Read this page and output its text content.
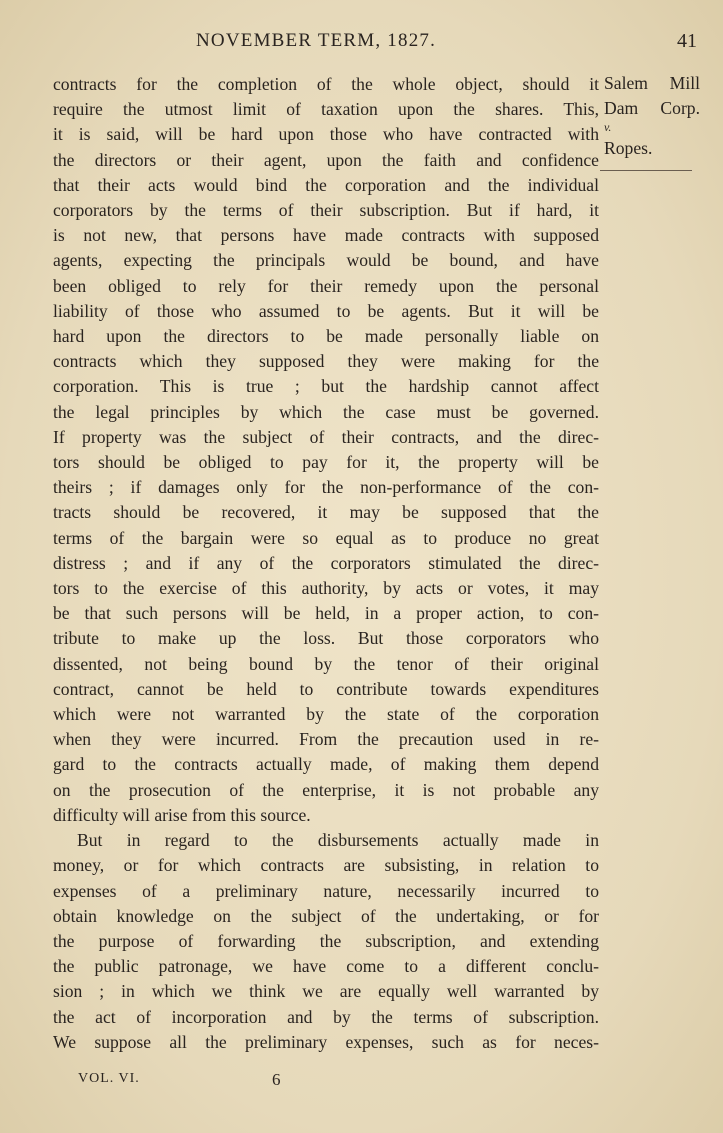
NOVEMBER TERM, 1827.	41
Salem Mill
Dam Corp.
v.
Ropes.
contracts for the completion of the whole object, should it
require the utmost limit of taxation upon the shares. This,
it is said, will be hard upon those who have contracted with
the directors or their agent, upon the faith and confidence
that their acts would bind the corporation and the individual
corporators by the terms of their subscription. But if hard, it
is not new, that persons have made contracts with supposed
agents, expecting the principals would be bound, and have
been obliged to rely for their remedy upon the personal
liability of those who assumed to be agents. But it will be
hard upon the directors to be made personally liable on
contracts which they supposed they were making for the
corporation. This is true ; but the hardship cannot affect
the legal principles by which the case must be governed.
If property was the subject of their contracts, and the direc-
tors should be obliged to pay for it, the property will be
theirs ; if damages only for the non-performance of the con-
tracts should be recovered, it may be supposed that the
terms of the bargain were so equal as to produce no great
distress ; and if any of the corporators stimulated the direc-
tors to the exercise of this authority, by acts or votes, it may
be that such persons will be held, in a proper action, to con-
tribute to make up the loss. But those corporators who
dissented, not being bound by the tenor of their original
contract, cannot be held to contribute towards expenditures
which were not warranted by the state of the corporation
when they were incurred. From the precaution used in re-
gard to the contracts actually made, of making them depend
on the prosecution of the enterprise, it is not probable any
difficulty will arise from this source.
But in regard to the disbursements actually made in
money, or for which contracts are subsisting, in relation to
expenses of a preliminary nature, necessarily incurred to
obtain knowledge on the subject of the undertaking, or for
the purpose of forwarding the subscription, and extending
the public patronage, we have come to a different conclu-
sion ; in which we think we are equally well warranted by
the act of incorporation and by the terms of subscription.
We suppose all the preliminary expenses, such as for neces-
VOL. VI.	6
